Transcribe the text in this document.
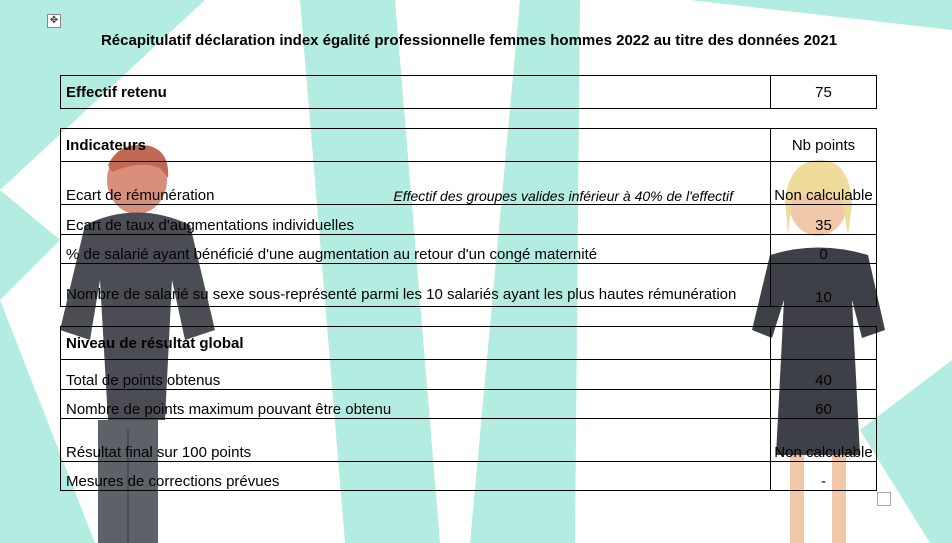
✥
Récapitulatif déclaration index égalité professionnelle femmes hommes 2022 au titre des données 2021
Effectif retenu	75
Indicateurs	Nb points

Ecart de rémunération Effectif des groupes valides inférieur à 40% de l'effectif	Non calculable
Ecart de taux d'augmentations individuelles	35
% de salarié ayant bénéficié d'une augmentation au retour d'un congé maternité	0
Nombre de salarié su sexe sous-représenté parmi les 10 salariés ayant les plus hautes rémunération	10
Niveau de résultat global	
Total de points obtenus	40
Nombre de points maximum pouvant être obtenu	60
Résultat final sur 100 points	Non calculable
Mesures de corrections prévues	-
